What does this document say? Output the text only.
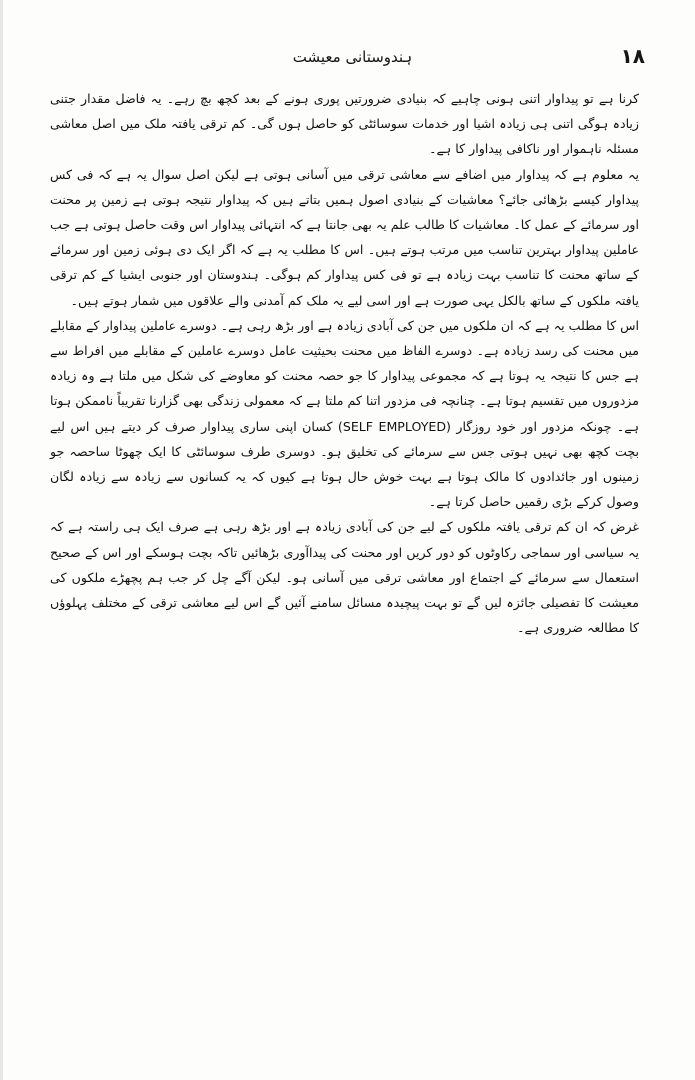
۱۸
ہندوستانی معیشت

کرنا ہے تو پیداوار اتنی ہونی چاہیے کہ بنیادی ضرورتیں پوری ہونے کے بعد کچھ بچ رہے۔ یہ فاضل مقدار جتنی زیادہ ہوگی اتنی ہی زیادہ اشیا اور خدمات سوسائٹی کو حاصل ہوں گی۔ کم ترقی یافتہ ملک میں اصل معاشی مسئلہ ناہموار اور ناکافی پیداوار کا ہے۔

یہ معلوم ہے کہ پیداوار میں اضافے سے معاشی ترقی میں آسانی ہوتی ہے لیکن اصل سوال یہ ہے کہ فی کس پیداوار کیسے بڑھائی جائے؟ معاشیات کے بنیادی اصول ہمیں بتاتے ہیں کہ پیداوار نتیجہ ہوتی ہے زمین پر محنت اور سرمائے کے عمل کا۔ معاشیات کا طالب علم یہ بھی جانتا ہے کہ انتہائی پیداوار اس وقت حاصل ہوتی ہے جب عاملین پیداوار بہترین تناسب میں مرتب ہوتے ہیں۔ اس کا مطلب یہ ہے کہ اگر ایک دی ہوئی زمین اور سرمائے کے ساتھ محنت کا تناسب بہت زیادہ ہے تو فی کس پیداوار کم ہوگی۔ ہندوستان اور جنوبی ایشیا کے کم ترقی یافتہ ملکوں کے ساتھ بالکل یہی صورت ہے اور اسی لیے یہ ملک کم آمدنی والے علاقوں میں شمار ہوتے ہیں۔

اس کا مطلب یہ ہے کہ ان ملکوں میں جن کی آبادی زیادہ ہے اور بڑھ رہی ہے۔ دوسرے عاملین پیداوار کے مقابلے میں محنت کی رسد زیادہ ہے۔ دوسرے الفاظ میں محنت بحیثیت عامل دوسرے عاملین کے مقابلے میں افراط سے ہے جس کا نتیجہ یہ ہوتا ہے کہ مجموعی پیداوار کا جو حصہ محنت کو معاوضے کی شکل میں ملتا ہے وہ زیادہ مزدوروں میں تقسیم ہوتا ہے۔ چنانچہ فی مزدور اتنا کم ملتا ہے کہ معمولی زندگی بھی گزارنا تقریباً ناممکن ہوتا ہے۔ چونکہ مزدور اور خود روزگار (SELF EMPLOYED) کسان اپنی ساری پیداوار صرف کر دیتے ہیں اس لیے بچت کچھ بھی نہیں ہوتی جس سے سرمائے کی تخلیق ہو۔ دوسری طرف سوسائٹی کا ایک چھوٹا ساحصہ جو زمینوں اور جائدادوں کا مالک ہوتا ہے بہت خوش حال ہوتا ہے کیوں کہ یہ کسانوں سے زیادہ سے زیادہ لگان وصول کرکے بڑی رقمیں حاصل کرتا ہے۔

غرض کہ ان کم ترقی یافتہ ملکوں کے لیے جن کی آبادی زیادہ ہے اور بڑھ رہی ہے صرف ایک ہی راستہ ہے کہ یہ سیاسی اور سماجی رکاوٹوں کو دور کریں اور محنت کی پیداآوری بڑھائیں تاکہ بچت ہوسکے اور اس کے صحیح استعمال سے سرمائے کے اجتماع اور معاشی ترقی میں آسانی ہو۔ لیکن آگے چل کر جب ہم پچھڑے ملکوں کی معیشت کا تفصیلی جائزہ لیں گے تو بہت پیچیدہ مسائل سامنے آئیں گے اس لیے معاشی ترقی کے مختلف پہلوؤں کا مطالعہ ضروری ہے۔
